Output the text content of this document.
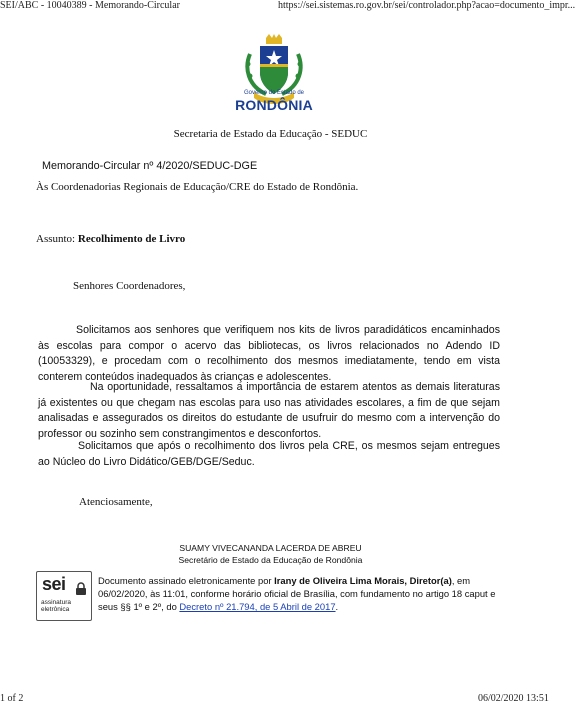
SEI/ABC - 10040389 - Memorando-Circular	https://sei.sistemas.ro.gov.br/sei/controlador.php?acao=documento_impr...
Governo do Estado de
RONDÔNIA
Secretaria de Estado da Educação - SEDUC
Memorando-Circular nº 4/2020/SEDUC-DGE
Às Coordenadorias Regionais de Educação/CRE do Estado de Rondônia.
Assunto: Recolhimento de Livro
Senhores Coordenadores,
Solicitamos aos senhores que verifiquem nos kits de livros paradidáticos encaminhados às escolas para compor o acervo das bibliotecas, os livros relacionados no Adendo ID (10053329), e procedam com o recolhimento dos mesmos imediatamente, tendo em vista conterem conteúdos inadequados às crianças e adolescentes.
Na oportunidade, ressaltamos a importância de estarem atentos as demais literaturas já existentes ou que chegam nas escolas para uso nas atividades escolares, a fim de que sejam analisadas e assegurados os direitos do estudante de usufruir do mesmo com a intervenção do professor ou sozinho sem constrangimentos e desconfortos.
Solicitamos que após o recolhimento dos livros pela CRE, os mesmos sejam entregues ao Núcleo do Livro Didático/GEB/DGE/Seduc.
Atenciosamente,
SUAMY VIVECANANDA LACERDA DE ABREU
Secretário de Estado da Educação de Rondônia
sei
assinatura
eletrônica
Documento assinado eletronicamente por Irany de Oliveira Lima Morais, Diretor(a), em 06/02/2020, às 11:01, conforme horário oficial de Brasília, com fundamento no artigo 18 caput e seus §§ 1º e 2º, do Decreto nº 21.794, de 5 Abril de 2017.
1 of 2	06/02/2020 13:51
